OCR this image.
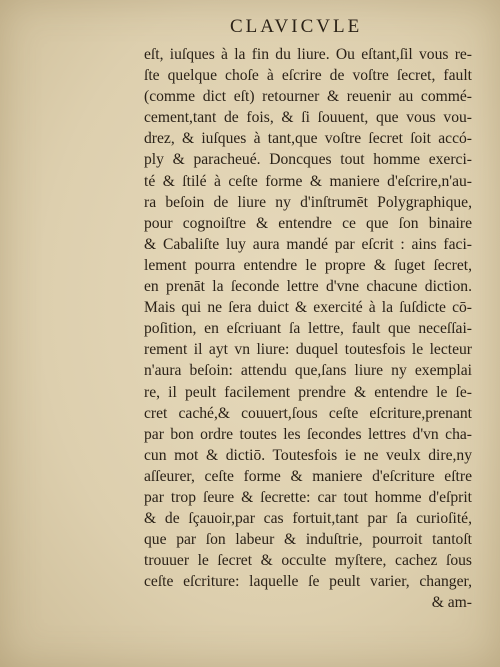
CLAVICVLE
eſt, iuſques à la fin du liure. Ou eſtant,ſil vous re-
ſte quelque choſe à eſcrire de voſtre ſecret, fault
(comme dict eſt) retourner & reuenir au commé-
cement,tant de fois, & ſi ſouuent, que vous vou-
drez, & iuſques à tant,que voſtre ſecret ſoit accó-
ply & paracheué. Doncques tout homme exerci-
té & ſtilé à ceſte forme & maniere d'eſcrire,n'au-
ra beſoin de liure ny d'inſtrumēt Polygraphique,
pour cognoiſtre & entendre ce que ſon binaire
& Cabaliſte luy aura mandé par eſcrit : ains faci-
lement pourra entendre le propre & ſuget ſecret,
en prenāt la ſeconde lettre d'vne chacune diction.
Mais qui ne ſera duict & exercité à la ſuſdicte cō-
poſition, en eſcriuant ſa lettre, fault que neceſſai-
rement il ayt vn liure: duquel toutesfois le lecteur
n'aura beſoin: attendu que,ſans liure ny exemplai
re, il peult facilement prendre & entendre le ſe-
cret caché,& couuert,ſous ceſte eſcriture,prenant
par bon ordre toutes les ſecondes lettres d'vn cha-
cun mot & dictiō. Toutesfois ie ne veulx dire,ny
aſſeurer, ceſte forme & maniere d'eſcriture eſtre
par trop ſeure & ſecrette: car tout homme d'eſprit
& de ſçauoir,par cas fortuit,tant par ſa curioſité,
que par ſon labeur & induſtrie, pourroit tantoſt
trouuer le ſecret & occulte myſtere, cachez ſous
ceſte eſcriture: laquelle ſe peult varier, changer,
& am-
